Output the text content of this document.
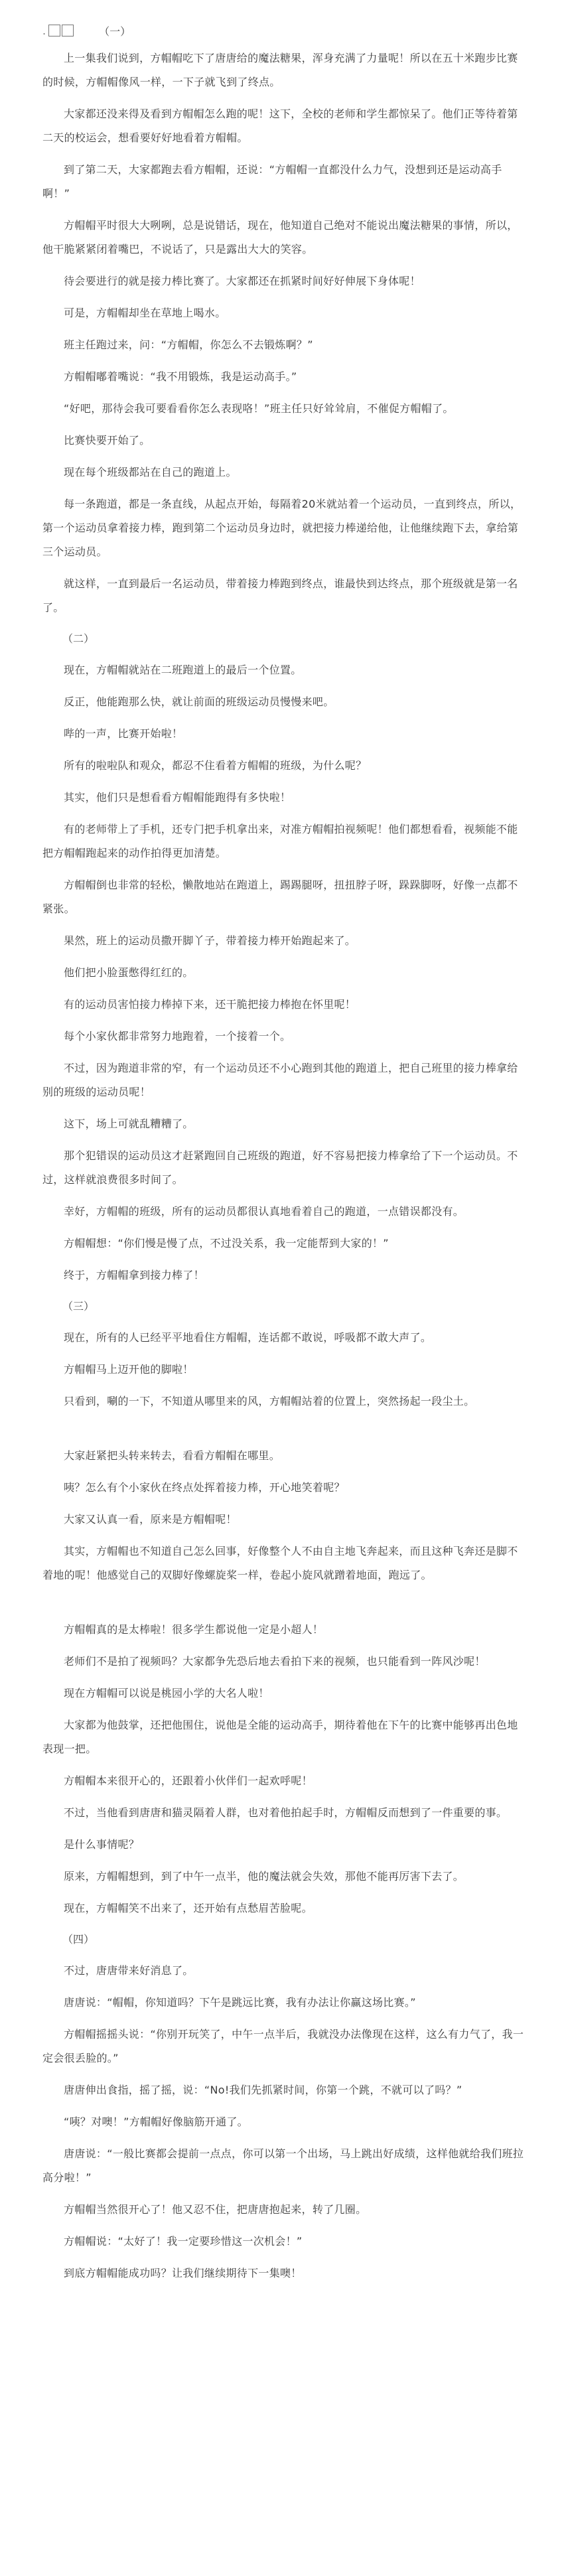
.	（一）

上一集我们说到，方帽帽吃下了唐唐给的魔法糖果，浑身充满了力量呢！所以在五十米跑步比赛的时候，方帽帽像风一样，一下子就飞到了终点。

大家都还没来得及看到方帽帽怎么跑的呢！这下，全校的老师和学生都惊呆了。他们正等待着第二天的校运会，想看要好好地看着方帽帽。

到了第二天，大家都跑去看方帽帽，还说：“方帽帽一直都没什么力气，没想到还是运动高手啊！”

方帽帽平时很大大咧咧，总是说错话，现在，他知道自己绝对不能说出魔法糖果的事情，所以，他干脆紧紧闭着嘴巴，不说话了，只是露出大大的笑容。

待会要进行的就是接力棒比赛了。大家都还在抓紧时间好好伸展下身体呢！

可是，方帽帽却坐在草地上喝水。

班主任跑过来，问：“方帽帽，你怎么不去锻炼啊？”

方帽帽嘟着嘴说：“我不用锻炼，我是运动高手。”

“好吧，那待会我可要看看你怎么表现咯！”班主任只好耸耸肩，不催促方帽帽了。

比赛快要开始了。

现在每个班级都站在自己的跑道上。

每一条跑道，都是一条直线，从起点开始，每隔着20米就站着一个运动员，一直到终点，所以，第一个运动员拿着接力棒，跑到第二个运动员身边时，就把接力棒递给他，让他继续跑下去，拿给第三个运动员。

就这样，一直到最后一名运动员，带着接力棒跑到终点，谁最快到达终点，那个班级就是第一名了。

（二）

现在，方帽帽就站在二班跑道上的最后一个位置。

反正，他能跑那么快，就让前面的班级运动员慢慢来吧。

哔的一声，比赛开始啦！

所有的啦啦队和观众，都忍不住看着方帽帽的班级，为什么呢？

其实，他们只是想看看方帽帽能跑得有多快啦！

有的老师带上了手机，还专门把手机拿出来，对准方帽帽拍视频呢！他们都想看看，视频能不能把方帽帽跑起来的动作拍得更加清楚。

方帽帽倒也非常的轻松，懒散地站在跑道上，踢踢腿呀，扭扭脖子呀，跺跺脚呀，好像一点都不紧张。

果然，班上的运动员撒开脚丫子，带着接力棒开始跑起来了。

他们把小脸蛋憋得红红的。

有的运动员害怕接力棒掉下来，还干脆把接力棒抱在怀里呢！

每个小家伙都非常努力地跑着，一个接着一个。

不过，因为跑道非常的窄，有一个运动员还不小心跑到其他的跑道上，把自己班里的接力棒拿给别的班级的运动员呢！

这下，场上可就乱糟糟了。

那个犯错误的运动员这才赶紧跑回自己班级的跑道，好不容易把接力棒拿给了下一个运动员。不过，这样就浪费很多时间了。

幸好，方帽帽的班级，所有的运动员都很认真地看着自己的跑道，一点错误都没有。

方帽帽想：“你们慢是慢了点，不过没关系，我一定能帮到大家的！”

终于，方帽帽拿到接力棒了！

（三）

现在，所有的人已经平平地看住方帽帽，连话都不敢说，呼吸都不敢大声了。

方帽帽马上迈开他的脚啦！

只看到，唰的一下，不知道从哪里来的风，方帽帽站着的位置上，突然扬起一段尘土。

大家赶紧把头转来转去，看看方帽帽在哪里。

咦？怎么有个小家伙在终点处挥着接力棒，开心地笑着呢？

大家又认真一看，原来是方帽帽呢！

其实，方帽帽也不知道自己怎么回事，好像整个人不由自主地飞奔起来，而且这种飞奔还是脚不着地的呢！他感觉自己的双脚好像螺旋桨一样，卷起小旋风就蹭着地面，跑远了。

方帽帽真的是太棒啦！很多学生都说他一定是小超人！

老师们不是拍了视频吗？大家都争先恐后地去看拍下来的视频，也只能看到一阵风沙呢！

现在方帽帽可以说是桃园小学的大名人啦！

大家都为他鼓掌，还把他围住，说他是全能的运动高手，期待着他在下午的比赛中能够再出色地表现一把。

方帽帽本来很开心的，还跟着小伙伴们一起欢呼呢！

不过，当他看到唐唐和猫灵隔着人群，也对着他拍起手时，方帽帽反而想到了一件重要的事。

是什么事情呢？

原来，方帽帽想到，到了中午一点半，他的魔法就会失效，那他不能再厉害下去了。

现在，方帽帽笑不出来了，还开始有点愁眉苦脸呢。

（四）

不过，唐唐带来好消息了。

唐唐说：“帽帽，你知道吗？下午是跳远比赛，我有办法让你赢这场比赛。”

方帽帽摇摇头说：“你别开玩笑了，中午一点半后，我就没办法像现在这样，这么有力气了，我一定会很丢脸的。”

唐唐伸出食指，摇了摇，说：“No!我们先抓紧时间，你第一个跳，不就可以了吗？”

“咦？对噢！”方帽帽好像脑筋开通了。

唐唐说：“一般比赛都会提前一点点，你可以第一个出场，马上跳出好成绩，这样他就给我们班拉高分啦！”

方帽帽当然很开心了！他又忍不住，把唐唐抱起来，转了几圈。

方帽帽说：“太好了！我一定要珍惜这一次机会！”

到底方帽帽能成功吗？让我们继续期待下一集噢！
